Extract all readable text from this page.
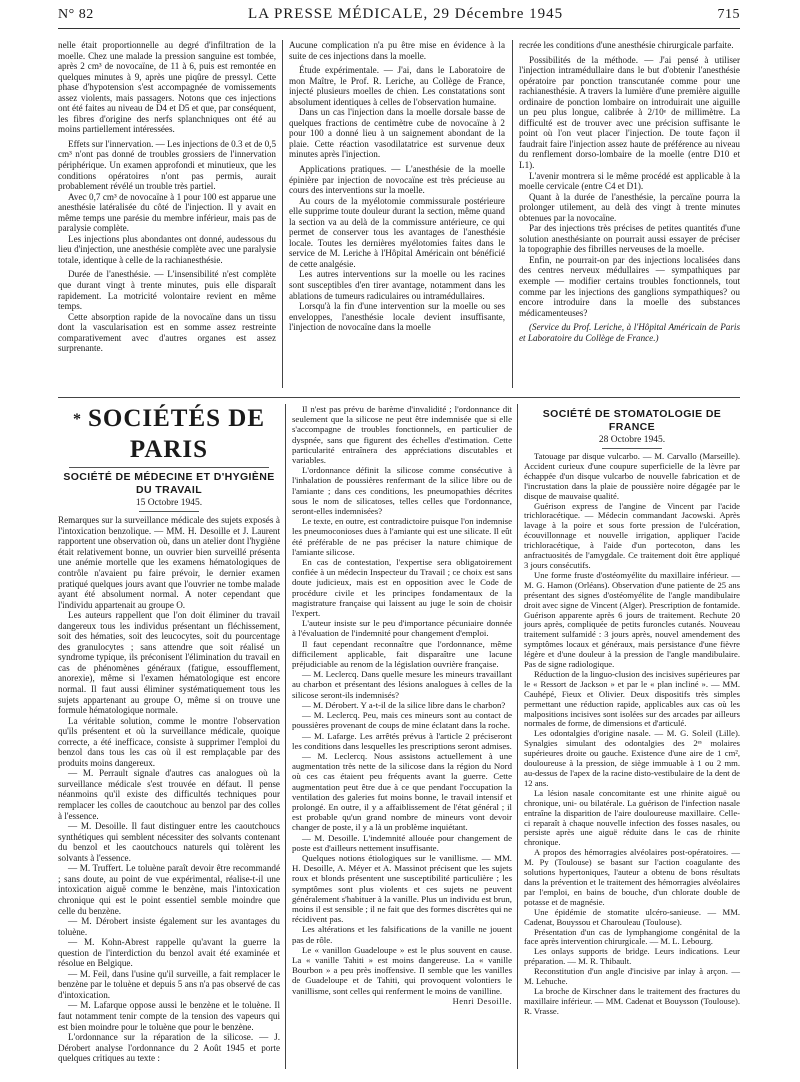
N° 82	LA PRESSE MÉDICALE, 29 Décembre 1945	715

nelle était proportionnelle au degré d'infiltration de la moelle. Chez une malade la pression sanguine est tombée, après 2 cm³ de novocaïne, de 11 à 6, puis est remontée en quelques minutes à 9, après une piqûre de pressyl. Cette phase d'hypotension s'est accompagnée de vomissements assez violents, mais passagers. Notons que ces injections ont été faites au niveau de D4 et D5 et que, par conséquent, les fibres d'origine des nerfs splanchniques ont été au moins partiellement intéressées.

Effets sur l'innervation. — Les injections de 0.3 et de 0,5 cm³ n'ont pas donné de troubles grossiers de l'innervation périphérique. Un examen approfondi et minutieux, que les conditions opératoires n'ont pas permis, aurait probablement révélé un trouble très partiel.

Avec 0,7 cm³ de novocaïne à 1 pour 100 est apparue une anesthésie latéralisée du côté de l'injection. Il y avait en même temps une parésie du membre inférieur, mais pas de paralysie complète.

Les injections plus abondantes ont donné, audessous du lieu d'injection, une anesthésie complète avec une paralysie totale, identique à celle de la rachianesthésie.

Durée de l'anesthésie. — L'insensibilité n'est complète que durant vingt à trente minutes, puis elle disparaît rapidement. La motricité volontaire revient en même temps.

Cette absorption rapide de la novocaïne dans un tissu dont la vascularisation est en somme assez restreinte comparativement avec d'autres organes est assez surprenante.

Aucune complication n'a pu être mise en évidence à la suite de ces injections dans la moelle.

Étude expérimentale. — J'ai, dans le Laboratoire de mon Maître, le Prof. R. Leriche, au Collège de France, injecté plusieurs moelles de chien. Les constatations sont absolument identiques à celles de l'observation humaine.

Dans un cas l'injection dans la moelle dorsale basse de quelques fractions de centimètre cube de novocaïne à 2 pour 100 a donné lieu à un saignement abondant de la plaie. Cette réaction vasodilatatrice est survenue deux minutes après l'injection.

Applications pratiques. — L'anesthésie de la moelle épinière par injection de novocaïne est très précieuse au cours des interventions sur la moelle.

Au cours de la myélotomie commissurale postérieure elle supprime toute douleur durant la section, même quand la section va au delà de la commissure antérieure, ce qui permet de conserver tous les avantages de l'anesthésie locale. Toutes les dernières myélotomies faites dans le service de M. Leriche à l'Hôpital Américain ont bénéficié de cette analgésie.

Les autres interventions sur la moelle ou les racines sont susceptibles d'en tirer avantage, notamment dans les ablations de tumeurs radiculaires ou intramédullaires.

Lorsqu'à la fin d'une intervention sur la moelle ou ses enveloppes, l'anesthésie locale devient insuffisante, l'injection de novocaïne dans la moelle

recrée les conditions d'une anesthésie chirurgicale parfaite.

Possibilités de la méthode. — J'ai pensé à utiliser l'injection intramédullaire dans le but d'obtenir l'anesthésie opératoire par ponction transcutanée comme pour une rachianesthésie. A travers la lumière d'une première aiguille ordinaire de ponction lombaire on introduirait une aiguille un peu plus longue, calibrée à 2/10ᵉ de millimètre. La difficulté est de trouver avec une précision suffisante le point où l'on veut placer l'injection. De toute façon il faudrait faire l'injection assez haute de préférence au niveau du renflement dorso-lombaire de la moelle (entre D10 et L1).

L'avenir montrera si le même procédé est applicable à la moelle cervicale (entre C4 et D1).

Quant à la durée de l'anesthésie, la percaïne pourra la prolonger utilement, au delà des vingt à trente minutes obtenues par la novocaïne.

Par des injections très précises de petites quantités d'une solution anesthésiante on pourrait aussi essayer de préciser la topographie des fibrilles nerveuses de la moelle.

Enfin, ne pourrait-on par des injections localisées dans des centres nerveux médullaires — sympathiques par exemple — modifier certains troubles fonctionnels, tout comme par les injections des ganglions sympathiques? ou encore introduire dans la moelle des substances médicamenteuses?

(Service du Prof. Leriche, à l'Hôpital Américain de Paris et Laboratoire du Collège de France.)

* SOCIÉTÉS DE PARIS
SOCIÉTÉ DE MÉDECINE ET D'HYGIÈNE DU TRAVAIL
15 Octobre 1945.

Remarques sur la surveillance médicale des sujets exposés à l'intoxication benzolique. — MM. H. Desoille et J. Laurent rapportent une observation où, dans un atelier dont l'hygiène était relativement bonne, un ouvrier bien surveillé présenta une anémie mortelle que les examens hématologiques de contrôle n'avaient pu faire prévoir, le dernier examen pratiqué quelques jours avant que l'ouvrier ne tombe malade ayant été absolument normal. A noter cependant que l'individu appartenait au groupe O.

Les auteurs rappellent que l'on doit éliminer du travail dangereux tous les individus présentant un fléchissement, soit des hématies, soit des leucocytes, soit du pourcentage des granulocytes ; sans attendre que soit réalisé un syndrome typique, ils préconisent l'élimination du travail en cas de phénomènes généraux (fatigue, essoufflement, anorexie), même si l'examen hématologique est encore normal. Il faut aussi éliminer systématiquement tous les sujets appartenant au groupe O, même si on trouve une formule hématologique normale.

La véritable solution, comme le montre l'observation qu'ils présentent et où la surveillance médicale, quoique correcte, a été inefficace, consiste à supprimer l'emploi du benzol dans tous les cas où il est remplaçable par des produits moins dangereux.

— M. Perrault signale d'autres cas analogues où la surveillance médicale s'est trouvée en défaut. Il pense néanmoins qu'il existe des difficultés techniques pour remplacer les colles de caoutchouc au benzol par des colles à l'essence.

— M. Desoille. Il faut distinguer entre les caoutchoucs synthétiques qui semblent nécessiter des solvants contenant du benzol et les caoutchoucs naturels qui tolèrent les solvants à l'essence.

— M. Truffert. Le toluène paraît devoir être recommandé ; sans doute, au point de vue expérimental, réalise-t-il une intoxication aiguë comme le benzène, mais l'intoxication chronique qui est le point essentiel semble moindre que celle du benzène.

— M. Dérobert insiste également sur les avantages du toluène.

— M. Kohn-Abrest rappelle qu'avant la guerre la question de l'interdiction du benzol avait été examinée et résolue en Belgique.

— M. Feil, dans l'usine qu'il surveille, a fait remplacer le benzène par le toluène et depuis 5 ans n'a pas observé de cas d'intoxication.

— M. Lafarque oppose aussi le benzène et le toluène. Il faut notamment tenir compte de la tension des vapeurs qui est bien moindre pour le toluène que pour le benzène.

L'ordonnance sur la réparation de la silicose. — J. Dérobert analyse l'ordonnance du 2 Août 1945 et porte quelques critiques au texte :

Il n'est pas prévu de barème d'invalidité ; l'ordonnance dit seulement que la silicose ne peut être indemnisée que si elle s'accompagne de troubles fonctionnels, en particulier de dyspnée, sans que figurent des échelles d'estimation. Cette particularité entraînera des appréciations discutables et variables.

L'ordonnance définit la silicose comme consécutive à l'inhalation de poussières renfermant de la silice libre ou de l'amiante ; dans ces conditions, les pneumopathies décrites sous le nom de silicatoses, telles celles que l'ordonnance, seront-elles indemnisées?

Le texte, en outre, est contradictoire puisque l'on indemnise les pneumoconioses dues à l'amiante qui est une silicate. Il eût été préférable de ne pas préciser la nature chimique de l'amiante silicose.

En cas de contestation, l'expertise sera obligatoirement confiée à un médecin Inspecteur du Travail ; ce choix est sans doute judicieux, mais est en opposition avec le Code de procédure civile et les principes fondamentaux de la magistrature française qui laissent au juge le soin de choisir l'expert.

L'auteur insiste sur le peu d'importance pécuniaire donnée à l'évaluation de l'indemnité pour changement d'emploi.

Il faut cependant reconnaître que l'ordonnance, même difficilement applicable, fait disparaître une lacune préjudiciable au renom de la législation ouvrière française.

— M. Leclercq. Dans quelle mesure les mineurs travaillant au charbon et présentant des lésions analogues à celles de la silicose seront-ils indemnisés?

— M. Dérobert. Y a-t-il de la silice libre dans le charbon?

— M. Leclercq. Peu, mais ces mineurs sont au contact de poussières provenant de coups de mine éclatant dans la roche.

— M. Lafarge. Les arrêtés prévus à l'article 2 préciseront les conditions dans lesquelles les prescriptions seront admises.

— M. Leclercq. Nous assistons actuellement à une augmentation très nette de la silicose dans la région du Nord où ces cas étaient peu fréquents avant la guerre. Cette augmentation peut être due à ce que pendant l'occupation la ventilation des galeries fut moins bonne, le travail intensif et prolongé. En outre, il y a affaiblissement de l'état général ; il est probable qu'un grand nombre de mineurs vont devoir changer de poste, il y a là un problème inquiétant.

— M. Desoille. L'indemnité allouée pour changement de poste est d'ailleurs nettement insuffisante.

Quelques notions étiologiques sur le vanillisme. — MM. H. Desoille, A. Méyer et A. Massinot précisent que les sujets roux et blonds présentent une susceptibilité particulière ; les symptômes sont plus violents et ces sujets ne peuvent généralement s'habituer à la vanille. Plus un individu est brun, moins il est sensible ; il ne fait que des formes discrètes qui ne récidivent pas.

Les altérations et les falsifications de la vanille ne jouent pas de rôle.

Le « vanillon Guadeloupe » est le plus souvent en cause. La « vanille Tahiti » est moins dangereuse. La « vanille Bourbon » a peu près inoffensive. Il semble que les vanilles de Guadeloupe et de Tahiti, qui provoquent volontiers le vanillisme, sont celles qui renferment le moins de vanilline.

Henri Desoille.
SOCIÉTÉ DE STOMATOLOGIE DE FRANCE
28 Octobre 1945.

Tatouage par disque vulcarbo. — M. Carvallo (Marseille). Accident curieux d'une coupure superficielle de la lèvre par échappée d'un disque vulcarbo de nouvelle fabrication et de l'incrustation dans la plaie de poussière noire dégagée par le disque de mauvaise qualité.

Guérison express de l'angine de Vincent par l'acide trichloracétique. — Médecin commandant Jacowski. Après lavage à la poire et sous forte pression de l'ulcération, écouvillonnage et nouvelle irrigation, appliquer l'acide trichloracétique, à l'aide d'un portecoton, dans les anfractuosités de l'amygdale. Ce traitement doit être appliqué 3 jours consécutifs.

Une forme fruste d'ostéomyélite du maxillaire inférieur. — M. G. Hamon (Orléans). Observation d'une patiente de 25 ans présentant des signes d'ostéomyélite de l'angle mandibulaire droit avec signe de Vincent (Alger). Prescription de fontamide. Guérison apparente après 6 jours de traitement. Rechute 20 jours après, compliquée de petits furoncles cutanés. Nouveau traitement sulfamidé : 3 jours après, nouvel amendement des symptômes locaux et généraux, mais persistance d'une fièvre légère et d'une douleur à la pression de l'angle mandibulaire. Pas de signe radiologique.

Réduction de la linguo-clusion des incisives supérieures par le « Ressort de Jackson » et par le « plan incliné ». — MM. Cauhépé, Fieux et Olivier. Deux dispositifs très simples permettant une réduction rapide, applicables aux cas où les malpositions incisives sont isolées sur des arcades par ailleurs normales de forme, de dimensions et d'articulé.

Les odontalgies d'origine nasale. — M. G. Soleil (Lille). Synalgies simulant des odontalgies des 2ᵉˢ molaires supérieures droite ou gauche. Existence d'une aire de 1 cm², douloureuse à la pression, de siège immuable à 1 ou 2 mm. au-dessus de l'apex de la racine disto-vestibulaire de la dent de 12 ans.

La lésion nasale concomitante est une rhinite aiguë ou chronique, uni- ou bilatérale. La guérison de l'infection nasale entraîne la disparition de l'aire douloureuse maxillaire. Celle-ci reparaît à chaque nouvelle infection des fosses nasales, ou persiste après une aiguë réduite dans le cas de rhinite chronique.

A propos des hémorragies alvéolaires post-opératoires. — M. Py (Toulouse) se basant sur l'action coagulante des solutions hypertoniques, l'auteur a obtenu de bons résultats dans la prévention et le traitement des hémorragies alvéolaires par l'emploi, en bains de bouche, d'un chlorate double de potasse et de magnésie.

Une épidémie de stomatite ulcéro-sanieuse. — MM. Cadenat, Bouyssou et Charouleau (Toulouse).

Présentation d'un cas de lymphangiome congénital de la face après intervention chirurgicale. — M. L. Lebourg.

Les onlays supports de bridge. Leurs indications. Leur préparation. — M. R. Thibault.

Reconstitution d'un angle d'incisive par inlay à arçon. — M. Lehuche.

La broche de Kirschner dans le traitement des fractures du maxillaire inférieur. — MM. Cadenat et Bouysson (Toulouse). R. Vrasse.
